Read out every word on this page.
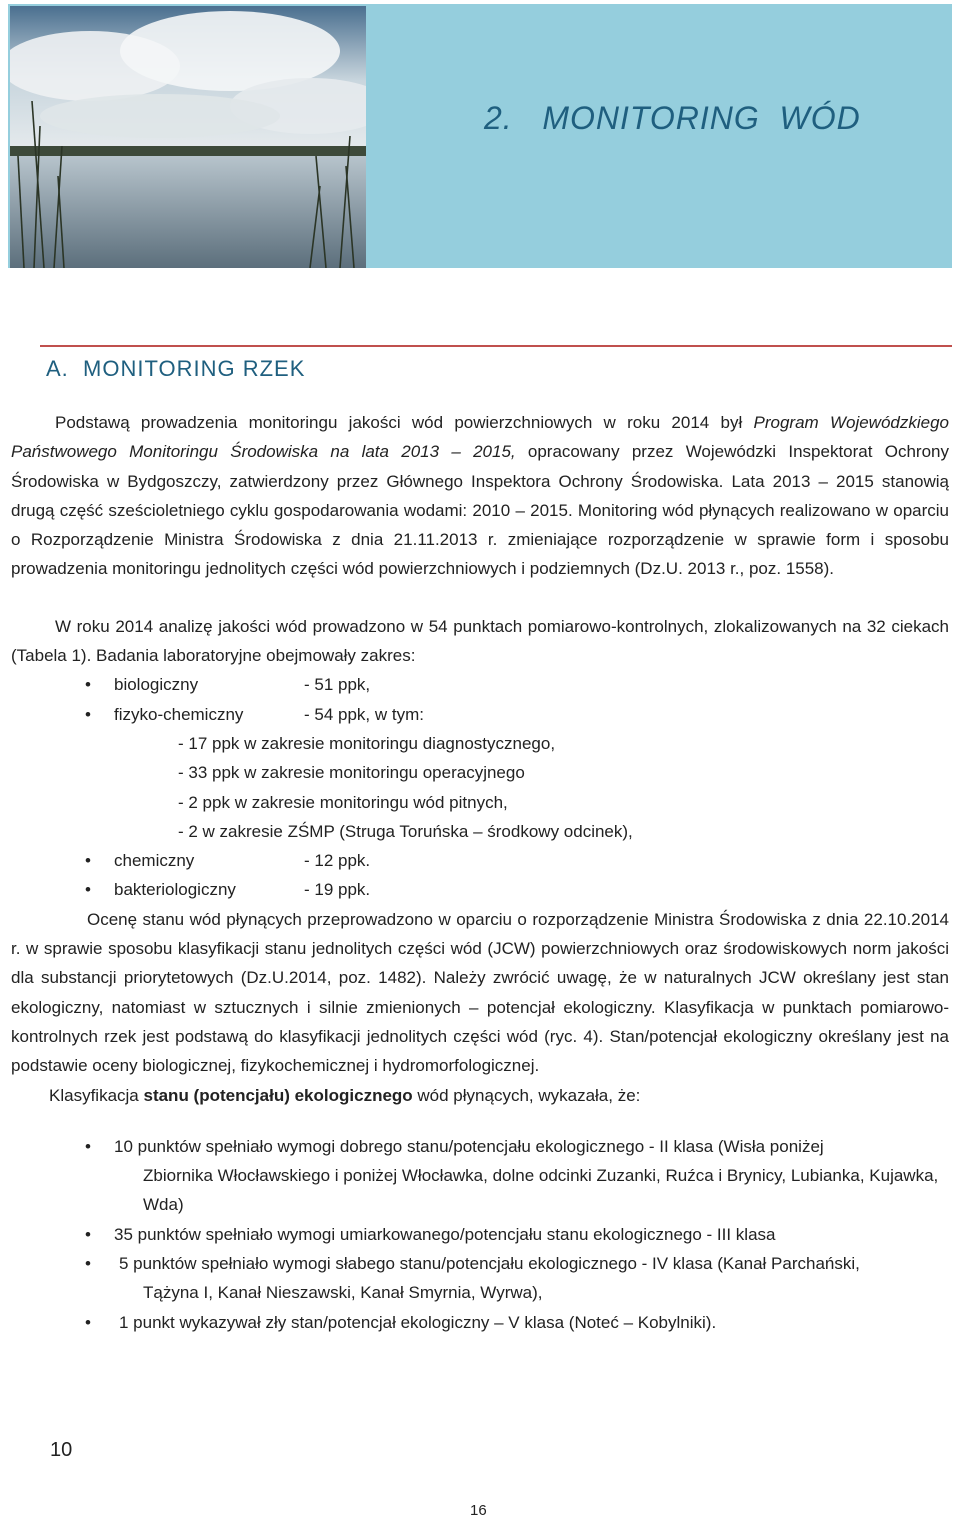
2.   MONITORING  WÓD
A.  MONITORING RZEK

Podstawą prowadzenia monitoringu jakości wód powierzchniowych w roku 2014 był Program Wojewódzkiego Państwowego Monitoringu Środowiska na lata 2013 – 2015, opracowany przez Wojewódzki Inspektorat Ochrony Środowiska w Bydgoszczy, zatwierdzony przez Głównego Inspektora Ochrony Środowiska. Lata 2013 – 2015 stanowią drugą część sześcioletniego cyklu gospodarowania wodami: 2010 – 2015. Monitoring wód płynących realizowano w oparciu o Rozporządzenie Ministra Środowiska z dnia 21.11.2013 r. zmieniające rozporządzenie w sprawie form i sposobu prowadzenia monitoringu jednolitych części wód powierzchniowych i podziemnych (Dz.U. 2013 r., poz. 1558).

W roku 2014 analizę jakości wód prowadzono w 54 punktach pomiarowo-kontrolnych, zlokalizowanych na 32 ciekach (Tabela 1). Badania laboratoryjne obejmowały zakres:

• biologiczny	- 51 ppk,

• fizyko-chemiczny	- 54 ppk, w tym:

- 17 ppk w zakresie monitoringu diagnostycznego,

- 33 ppk w zakresie monitoringu operacyjnego

- 2 ppk w zakresie monitoringu wód pitnych,

- 2 w zakresie ZŚMP (Struga Toruńska – środkowy odcinek),

• chemiczny	- 12 ppk.

• bakteriologiczny	- 19 ppk.

Ocenę stanu wód płynących przeprowadzono w oparciu o rozporządzenie Ministra Środowiska z dnia 22.10.2014 r. w sprawie sposobu klasyfikacji stanu jednolitych części wód (JCW) powierzchniowych oraz środowiskowych norm jakości dla substancji priorytetowych (Dz.U.2014, poz. 1482). Należy zwrócić uwagę, że w naturalnych JCW określany jest stan ekologiczny, natomiast w sztucznych i silnie zmienionych – potencjał ekologiczny. Klasyfikacja w punktach pomiarowo-kontrolnych rzek jest podstawą do klasyfikacji jednolitych części wód (ryc. 4). Stan/potencjał ekologiczny określany jest na podstawie oceny biologicznej, fizykochemicznej i hydromorfologicznej.

Klasyfikacja stanu (potencjału) ekologicznego wód płynących, wykazała, że:

• 10 punktów spełniało wymogi dobrego stanu/potencjału ekologicznego - II klasa (Wisła poniżej
Zbiornika Włocławskiego i poniżej Włocławka, dolne odcinki Zuzanki, Ruźca i Brynicy, Lubianka, Kujawka, Wda)

• 35 punktów spełniało wymogi umiarkowanego/potencjału stanu ekologicznego - III klasa

• 5 punktów spełniało wymogi słabego stanu/potencjału ekologicznego - IV klasa (Kanał Parchański,
Tążyna I, Kanał Nieszawski, Kanał Smyrnia, Wyrwa),

• 1 punkt wykazywał zły stan/potencjał ekologiczny – V klasa (Noteć – Kobylniki).

10
16
